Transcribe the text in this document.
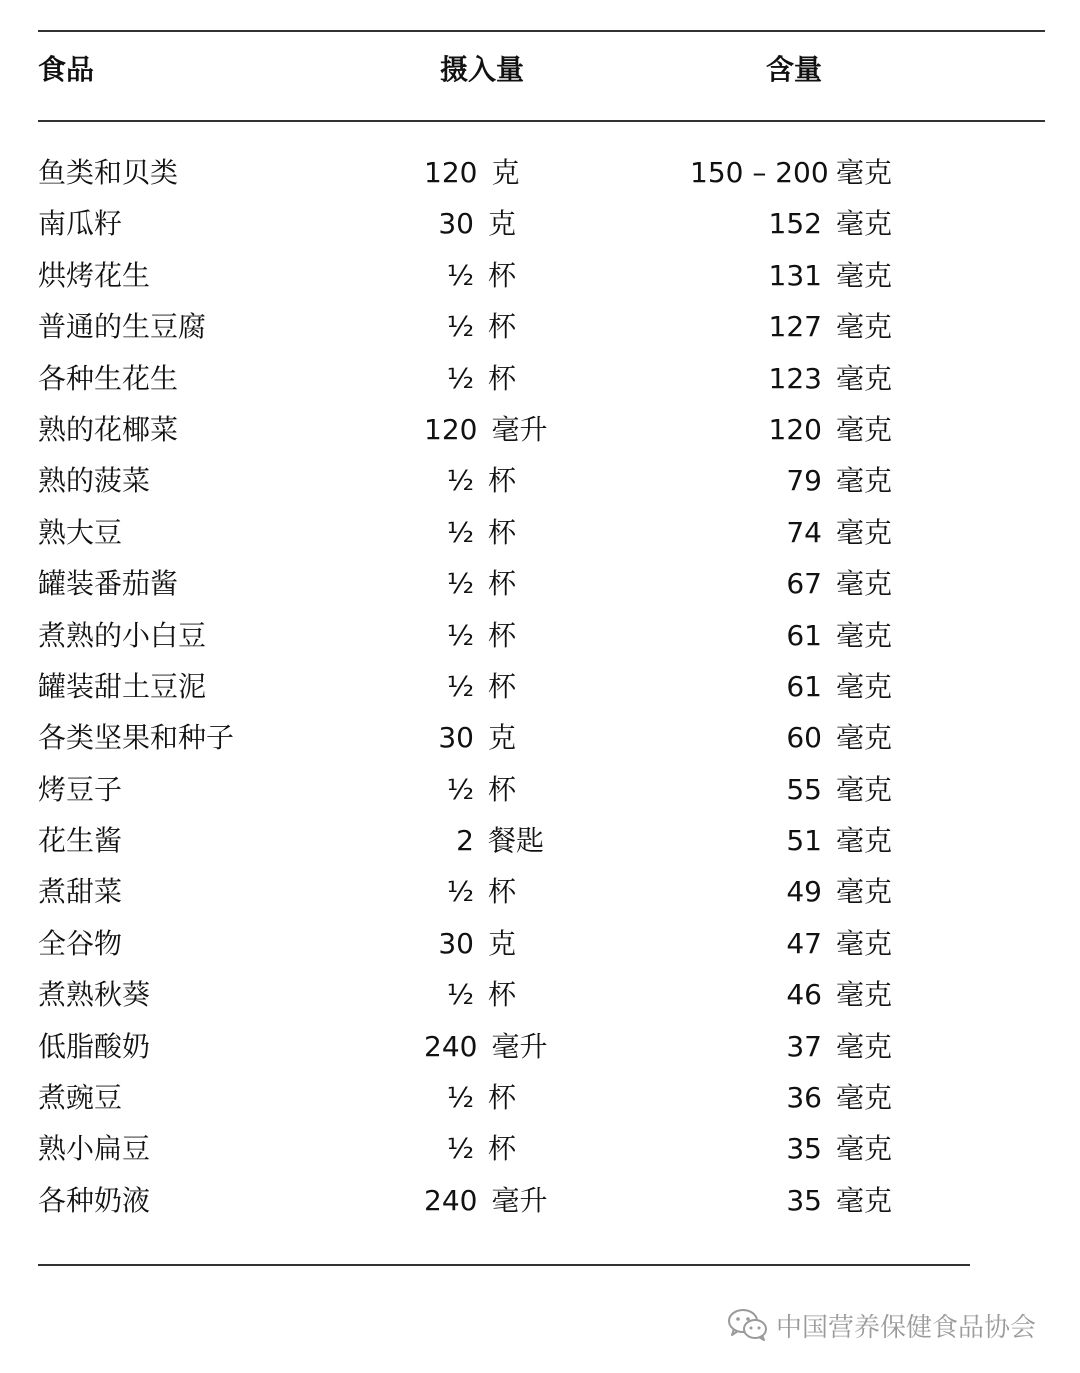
食品	摄入量	含量
鱼类和贝类	120 克	150 – 200 毫克
南瓜籽	30 克	152 毫克
烘烤花生	½ 杯	131 毫克
普通的生豆腐	½ 杯	127 毫克
各种生花生	½ 杯	123 毫克
熟的花椰菜	120 毫升	120 毫克
熟的菠菜	½ 杯	79 毫克
熟大豆	½ 杯	74 毫克
罐装番茄酱	½ 杯	67 毫克
煮熟的小白豆	½ 杯	61 毫克
罐装甜土豆泥	½ 杯	61 毫克
各类坚果和种子	30 克	60 毫克
烤豆子	½ 杯	55 毫克
花生酱	2 餐匙	51 毫克
煮甜菜	½ 杯	49 毫克
全谷物	30 克	47 毫克
煮熟秋葵	½ 杯	46 毫克
低脂酸奶	240 毫升	37 毫克
煮豌豆	½ 杯	36 毫克
熟小扁豆	½ 杯	35 毫克
各种奶液	240 毫升	35 毫克
中国营养保健食品协会
